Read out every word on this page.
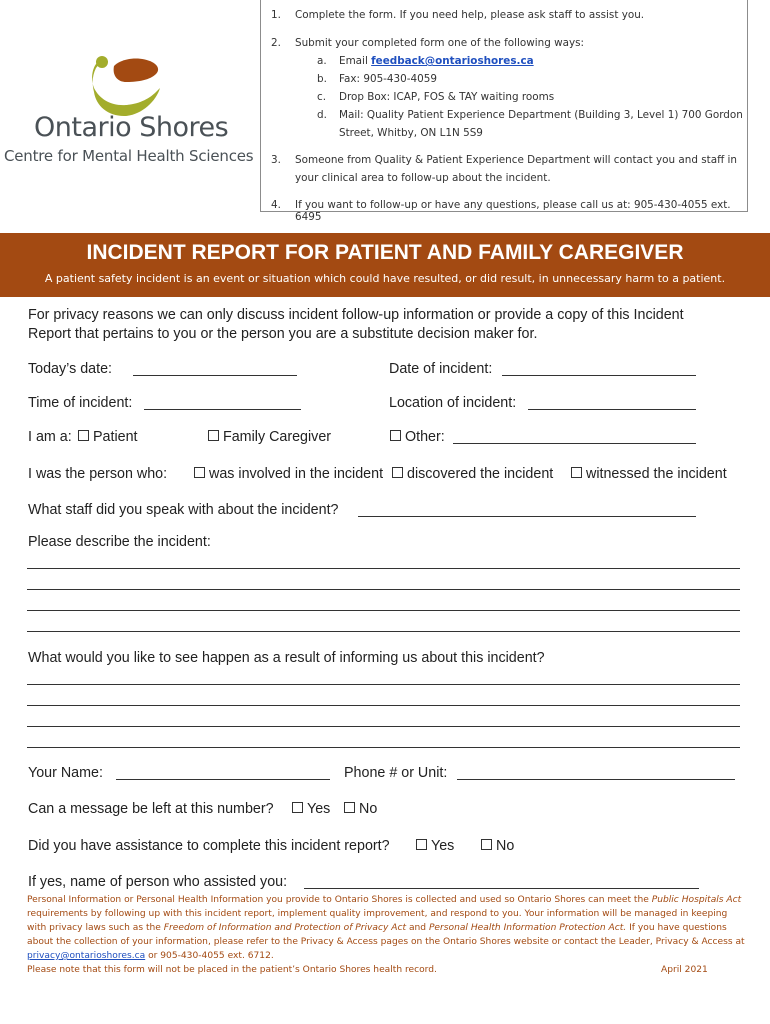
Ontario Shores
Centre for Mental Health Sciences
1. Complete the form. If you need help, please ask staff to assist you.
2. Submit your completed form one of the following ways:
a. Email feedback@ontarioshores.ca
b. Fax: 905-430-4059
c. Drop Box: ICAP, FOS & TAY waiting rooms
d. Mail: Quality Patient Experience Department (Building 3, Level 1) 700 Gordon
Street, Whitby, ON L1N 5S9
3. Someone from Quality & Patient Experience Department will contact you and staff in
your clinical area to follow-up about the incident.
4. If you want to follow-up or have any questions, please call us at: 905-430-4055 ext. 6495
INCIDENT REPORT FOR PATIENT AND FAMILY CAREGIVER
A patient safety incident is an event or situation which could have resulted, or did result, in unnecessary harm to a patient.
For privacy reasons we can only discuss incident follow-up information or provide a copy of this Incident
Report that pertains to you or the person you are a substitute decision maker for.
Today’s date:	Date of incident:
Time of incident:	Location of incident:
I am a:	Patient	Family Caregiver	Other:
I was the person who:	was involved in the incident	discovered the incident	witnessed the incident
What staff did you speak with about the incident?
Please describe the incident:
What would you like to see happen as a result of informing us about this incident?
Your Name:	Phone # or Unit:
Can a message be left at this number?	Yes	No
Did you have assistance to complete this incident report?	Yes	No
If yes, name of person who assisted you:
Personal Information or Personal Health Information you provide to Ontario Shores is collected and used so Ontario Shores can meet the Public Hospitals Act requirements by following up with this incident report, implement quality improvement, and respond to you. Your information will be managed in keeping with privacy laws such as the Freedom of Information and Protection of Privacy Act and Personal Health Information Protection Act. If you have questions about the collection of your information, please refer to the Privacy & Access pages on the Ontario Shores website or contact the Leader, Privacy & Access at privacy@ontarioshores.ca or 905-430-4055 ext. 6712.
Please note that this form will not be placed in the patient’s Ontario Shores health record.	April 2021
